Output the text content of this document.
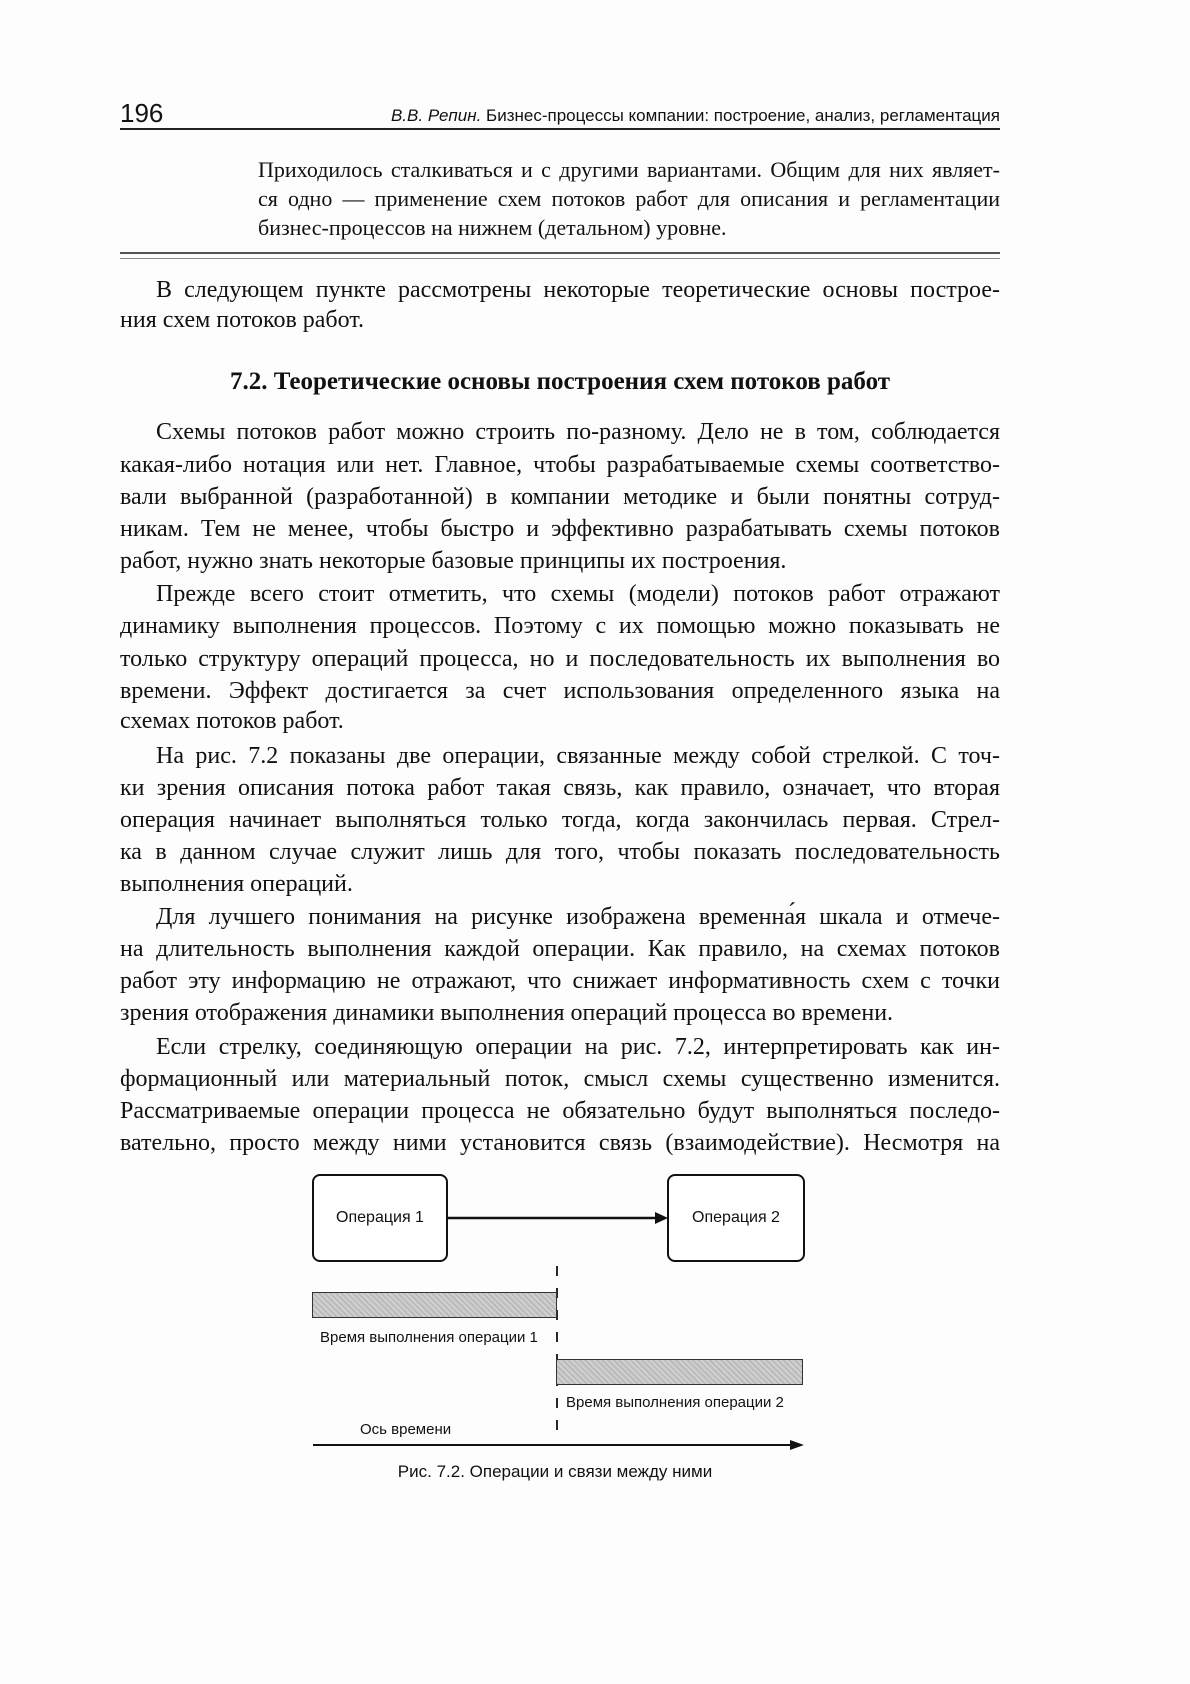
196	В.В. Репин. Бизнес-процессы компании: построение, анализ, регламентация
Приходилось сталкиваться и с другими вариантами. Общим для них являет-
ся одно — применение схем потоков работ для описания и регламентации
бизнес-процессов на нижнем (детальном) уровне.
В следующем пункте рассмотрены некоторые теоретические основы построе-
ния схем потоков работ.
7.2. Теоретические основы построения схем потоков работ
Схемы потоков работ можно строить по-разному. Дело не в том, соблюдается
какая-либо нотация или нет. Главное, чтобы разрабатываемые схемы соответство-
вали выбранной (разработанной) в компании методике и были понятны сотруд-
никам. Тем не менее, чтобы быстро и эффективно разрабатывать схемы потоков
работ, нужно знать некоторые базовые принципы их построения.
Прежде всего стоит отметить, что схемы (модели) потоков работ отражают
динамику выполнения процессов. Поэтому с их помощью можно показывать не
только структуру операций процесса, но и последовательность их выполнения во
времени. Эффект достигается за счет использования определенного языка на
схемах потоков работ.
На рис. 7.2 показаны две операции, связанные между собой стрелкой. С точ-
ки зрения описания потока работ такая связь, как правило, означает, что вторая
операция начинает выполняться только тогда, когда закончилась первая. Стрел-
ка в данном случае служит лишь для того, чтобы показать последовательность
выполнения операций.
Для лучшего понимания на рисунке изображена временна́я шкала и отмече-
на длительность выполнения каждой операции. Как правило, на схемах потоков
работ эту информацию не отражают, что снижает информативность схем с точки
зрения отображения динамики выполнения операций процесса во времени.
Если стрелку, соединяющую операции на рис. 7.2, интерпретировать как ин-
формационный или материальный поток, смысл схемы существенно изменится.
Рассматриваемые операции процесса не обязательно будут выполняться последо-
вательно, просто между ними установится связь (взаимодействие). Несмотря на
Операция 1	Операция 2
Время выполнения операции 1
Время выполнения операции 2
Ось времени
Рис. 7.2. Операции и связи между ними
